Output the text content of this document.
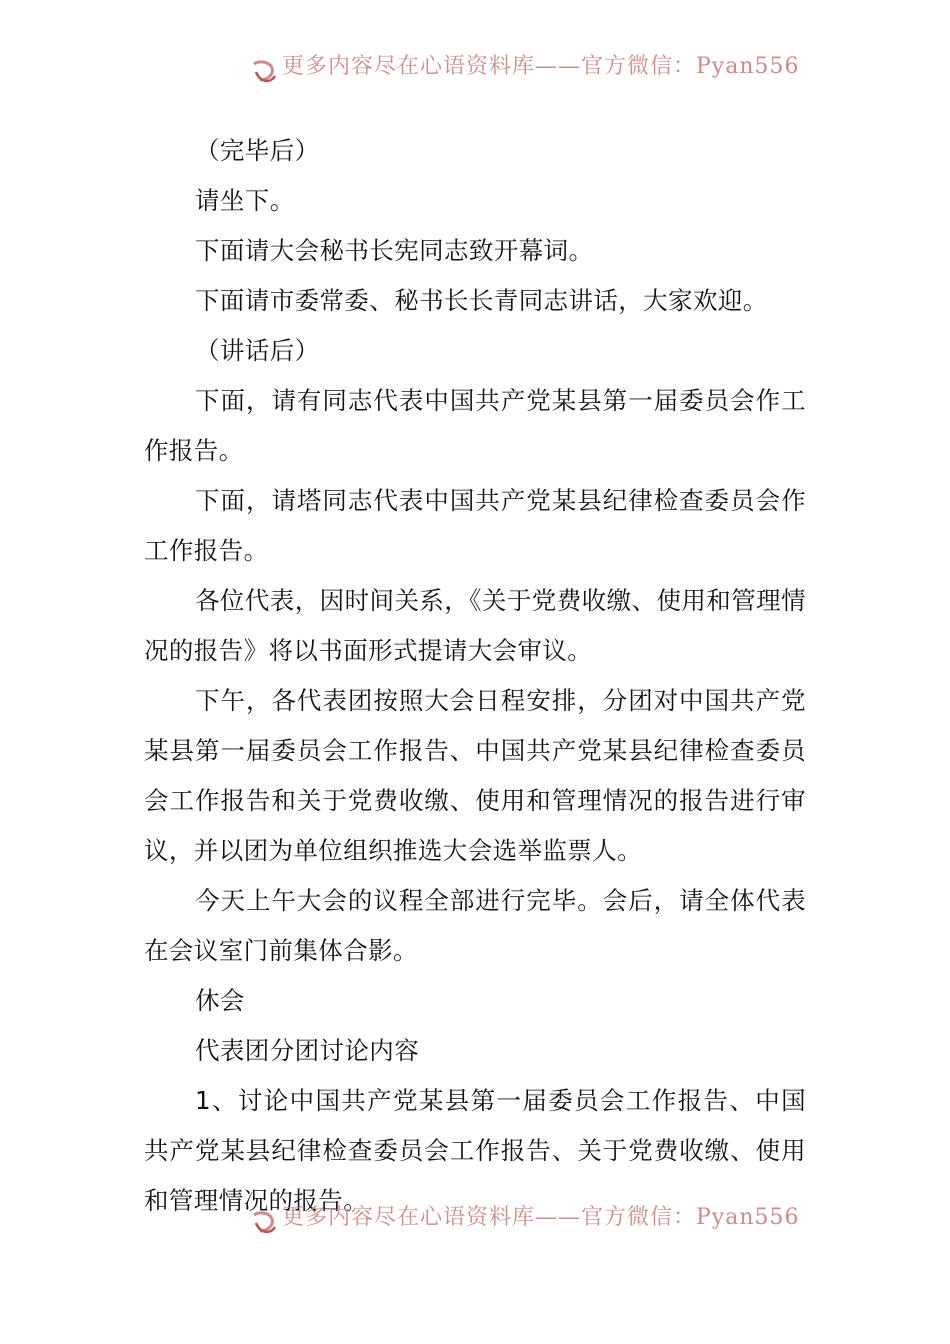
更多内容尽在心语资料库——官方微信：Pyan556

（完毕后）

请坐下。

下面请大会秘书长宪同志致开幕词。

下面请市委常委、秘书长长青同志讲话，大家欢迎。

（讲话后）

下面，请有同志代表中国共产党某县第一届委员会作工作报告。

下面，请塔同志代表中国共产党某县纪律检查委员会作工作报告。

各位代表，因时间关系，《关于党费收缴、使用和管理情况的报告》将以书面形式提请大会审议。

下午，各代表团按照大会日程安排，分团对中国共产党某县第一届委员会工作报告、中国共产党某县纪律检查委员会工作报告和关于党费收缴、使用和管理情况的报告进行审议，并以团为单位组织推选大会选举监票人。

今天上午大会的议程全部进行完毕。会后，请全体代表在会议室门前集体合影。

休会

代表团分团讨论内容

1、讨论中国共产党某县第一届委员会工作报告、中国共产党某县纪律检查委员会工作报告、关于党费收缴、使用和管理情况的报告。

更多内容尽在心语资料库——官方微信：Pyan556
